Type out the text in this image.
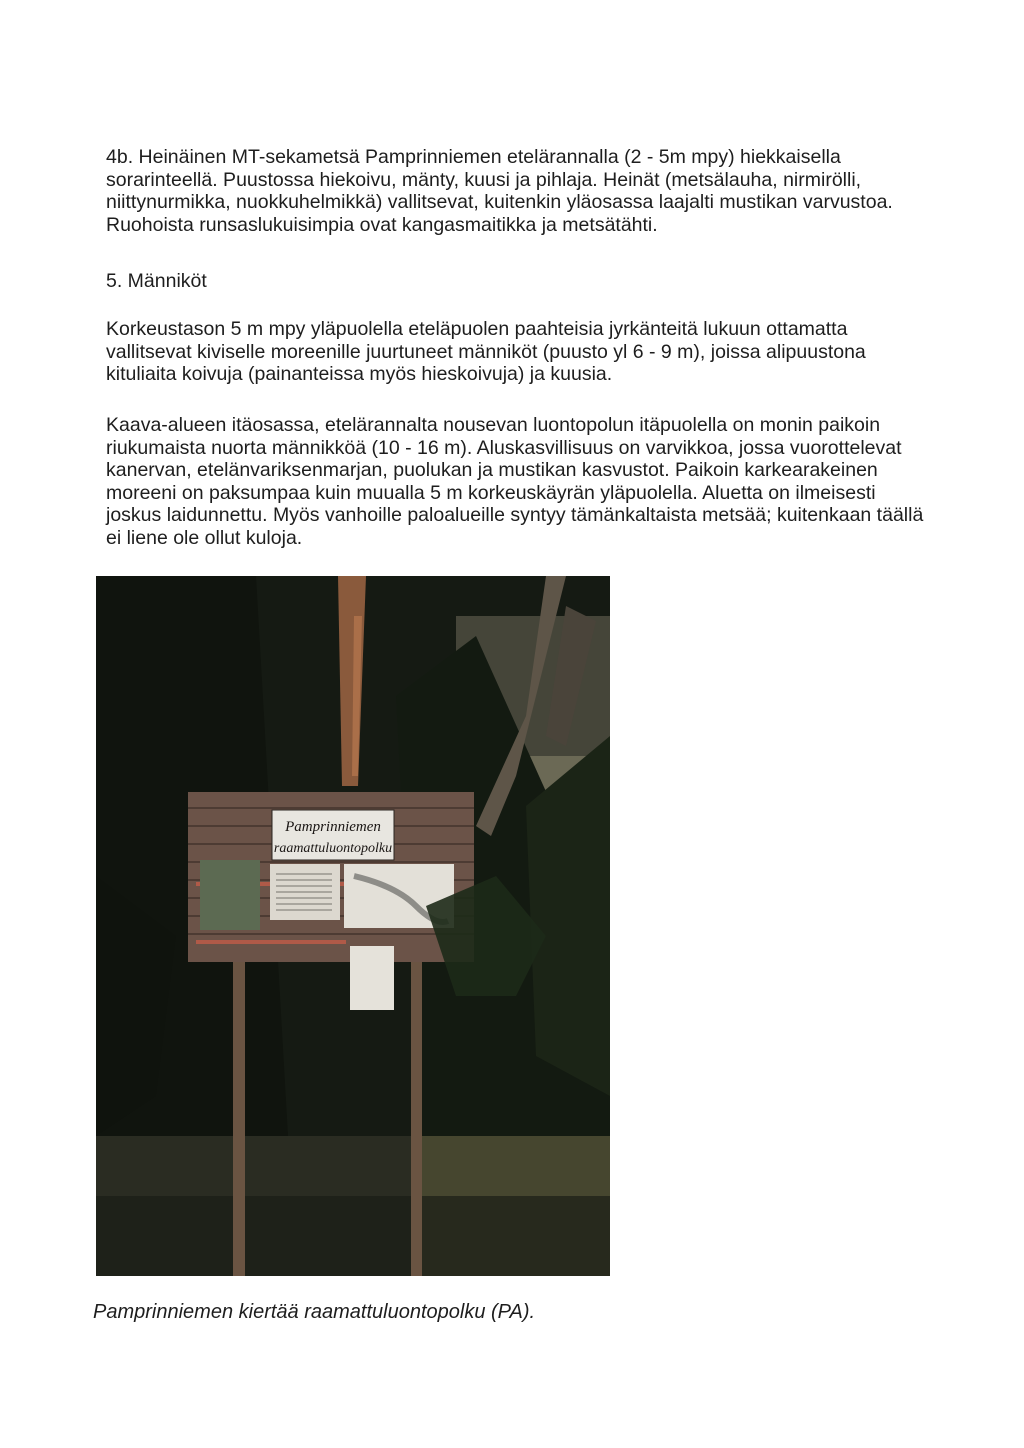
4b. Heinäinen MT-sekametsä Pamprinniemen etelärannalla (2 - 5m mpy) hiekkaisella sorarinteellä. Puustossa hiekoivu, mänty, kuusi ja pihlaja. Heinät (metsälauha, nirmirölli, niittynurmikka, nuokkuhelmikkä) vallitsevat, kuitenkin yläosassa laajalti mustikan varvustoa. Ruohoista runsaslukuisimpia ovat kangasmaitikka ja metsätähti.

5. Männiköt

Korkeustason 5 m mpy yläpuolella eteläpuolen paahteisia jyrkänteitä lukuun ottamatta vallitsevat kiviselle moreenille juurtuneet männiköt (puusto yl 6 - 9 m), joissa alipuustona kituliaita koivuja (painanteissa myös hieskoivuja) ja kuusia.

Kaava-alueen itäosassa, etelärannalta nousevan luontopolun itäpuolella on monin paikoin riukumaista nuorta männikköä (10 - 16 m). Aluskasvillisuus on varvikkoa, jossa vuorottelevat kanervan, etelänvariksenmarjan, puolukan ja mustikan kasvustot. Paikoin karkearakeinen moreeni on paksumpaa kuin muualla 5 m korkeuskäyrän yläpuolella. Aluetta on ilmeisesti joskus laidunnettu. Myös vanhoille paloalueille syntyy tämänkaltaista metsää; kuitenkaan täällä ei liene ole ollut kuloja.

Pamprinniemen
raamattuluontopolku

Pamprinniemen kiertää raamattuluontopolku (PA).
